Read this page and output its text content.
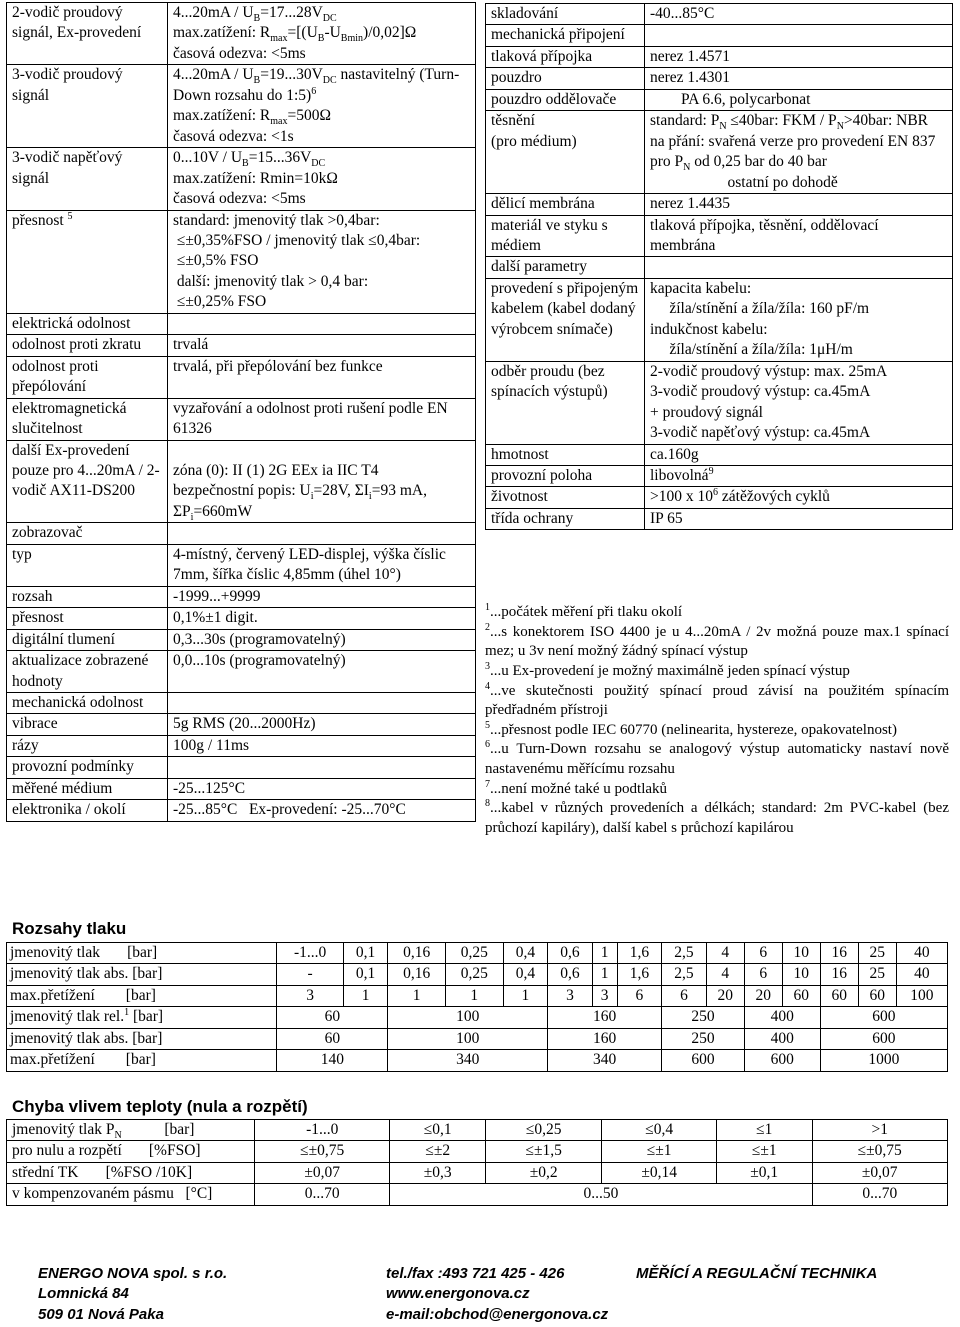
2-vodič proudový signál, Ex-provedení	$4...20mA / U_B=17...28V_{DC}$
max.zatížení: $R_{max}=[(U_B-U_{Bmin})/0,02]\Omega$
časová odezva: <5ms
3-vodič proudový signál	$4...20mA / U_B=19...30V_{DC}$ nastavitelný (Turn-Down rozsahu do 1:5)$^6$
max.zatížení: $R_{max}=500\Omega$
časová odezva: <1s
3-vodič napěťový signál	$0...10V / U_B=15...36V_{DC}$
max.zatížení: Rmin=10kΩ
časová odezva: <5ms
přesnost $^5$	standard: jmenovitý tlak >0,4bar:
≤±0,35%FSO / jmenovitý tlak ≤0,4bar:
≤±0,5% FSO
další: jmenovitý tlak > 0,4 bar:
≤±0,25% FSO
elektrická odolnost	
odolnost proti zkratu	trvalá
odolnost proti přepólování	trvalá, při přepólování bez funkce
elektromagnetická slučitelnost	vyzařování a odolnost proti rušení podle EN 61326
další Ex-provedení pouze pro 4...20mA / 2-vodič AX11-DS200	zóna (0): II (1) 2G EEx ia IIC T4
bezpečnostní popis: $U_i=28V$, $\Sigma I_i=93$ mA, $\Sigma P_i=660mW$
zobrazovač	
typ	4-místný, červený LED-displej, výška číslic 7mm, šířka číslic 4,85mm (úhel 10°)
rozsah	-1999...+9999
přesnost	0,1%±1 digit.
digitální tlumení	0,3...30s (programovatelný)
aktualizace zobrazené hodnoty	0,0...10s (programovatelný)
mechanická odolnost	
vibrace	5g RMS (20...2000Hz)
rázy	100g / 11ms
provozní podmínky	
měřené médium	-25...125°C
elektronika / okolí	-25...85°C   Ex-provedení: -25...70°C
skladování	-40...85°C
mechanická připojení	
tlaková přípojka	nerez 1.4571
pouzdro	nerez 1.4301
pouzdro oddělovače	PA 6.6, polycarbonat
těsnění
(pro médium)	standard: $P_N \le 40bar$: FKM / $P_N>40bar$: NBR
na přání: svařená verze pro provedení EN 837 pro $P_N$ od 0,25 bar do 40 bar
ostatní po dohodě
dělicí membrána	nerez 1.4435
materiál ve styku s médiem	tlaková přípojka, těsnění, oddělovací membrána
další parametry	
provedení s připojeným kabelem (kabel dodaný výrobcem snímače)	kapacita kabelu:
žíla/stínění a žíla/žíla: 160 pF/m
indukčnost kabelu:
žíla/stínění a žíla/žíla: 1μH/m
odběr proudu (bez spínacích výstupů)	2-vodič proudový výstup: max. 25mA
3-vodič proudový výstup: ca.45mA
+ proudový signál
3-vodič napěťový výstup: ca.45mA
hmotnost	ca.160g
provozní poloha	libovolná$^9$
životnost	>100 x $10^6$ zátěžových cyklů
třída ochrany	IP 65

$^1$...počátek měření při tlaku okolí

$^2$...s konektorem ISO 4400 je u 4...20mA / 2v možná pouze max.1 spínací mez; u 3v není možný žádný spínací výstup

$^3$...u Ex-provedení je možný maximálně jeden spínací výstup

$^4$...ve skutečnosti použitý spínací proud závisí na použitém spínacím předřadném přístroji

$^5$...přesnost podle IEC 60770 (nelinearita, hystereze, opakovatelnost)

$^6$...u Turn-Down rozsahu se analogový výstup automaticky nastaví nově nastavenému měřícímu rozsahu

$^7$...není možné také u podtlaků

$^8$...kabel v různých provedeních a délkách; standard: 2m PVC-kabel (bez průchozí kapiláry), další kabel s průchozí kapilárou

Rozsahy tlaku
jmenovitý tlak       [bar]	-1...0	0,1	0,16	0,25	0,4	0,6	1	1,6	2,5	4	6	10	16	25	40
jmenovitý tlak abs. [bar]	-	0,1	0,16	0,25	0,4	0,6	1	1,6	2,5	4	6	10	16	25	40
max.přetížení        [bar]	3	1	1	1	1	3	3	6	6	20	20	60	60	60	100
jmenovitý tlak rel.$^1$ [bar]	60		100			160			250		400		600		
jmenovitý tlak abs. [bar]	60		100			160			250		400		600		
max.přetížení        [bar]	140		340			340			600		600		1000		
Chyba vlivem teploty (nula a rozpětí)
jmenovitý tlak $P_N$           [bar]	-1...0	≤0,1	≤0,25	≤0,4	≤1	>1
pro nulu a rozpětí       [%FSO]	≤±0,75	≤±2	≤±1,5	≤±1	≤±1	≤±0,75
střední TK       [%FSO /10K]	±0,07	±0,3	±0,2	±0,14	±0,1	±0,07
v kompenzovaném pásmu   [°C]	0...70	0...50				0...70
ENERGO NOVA spol. s r.o.
Lomnická 84
509 01 Nová Paka
tel./fax :493 721 425 - 426
www.energonova.cz
e-mail:obchod@energonova.cz
MĚŘÍCÍ A REGULAČNÍ TECHNIKA
